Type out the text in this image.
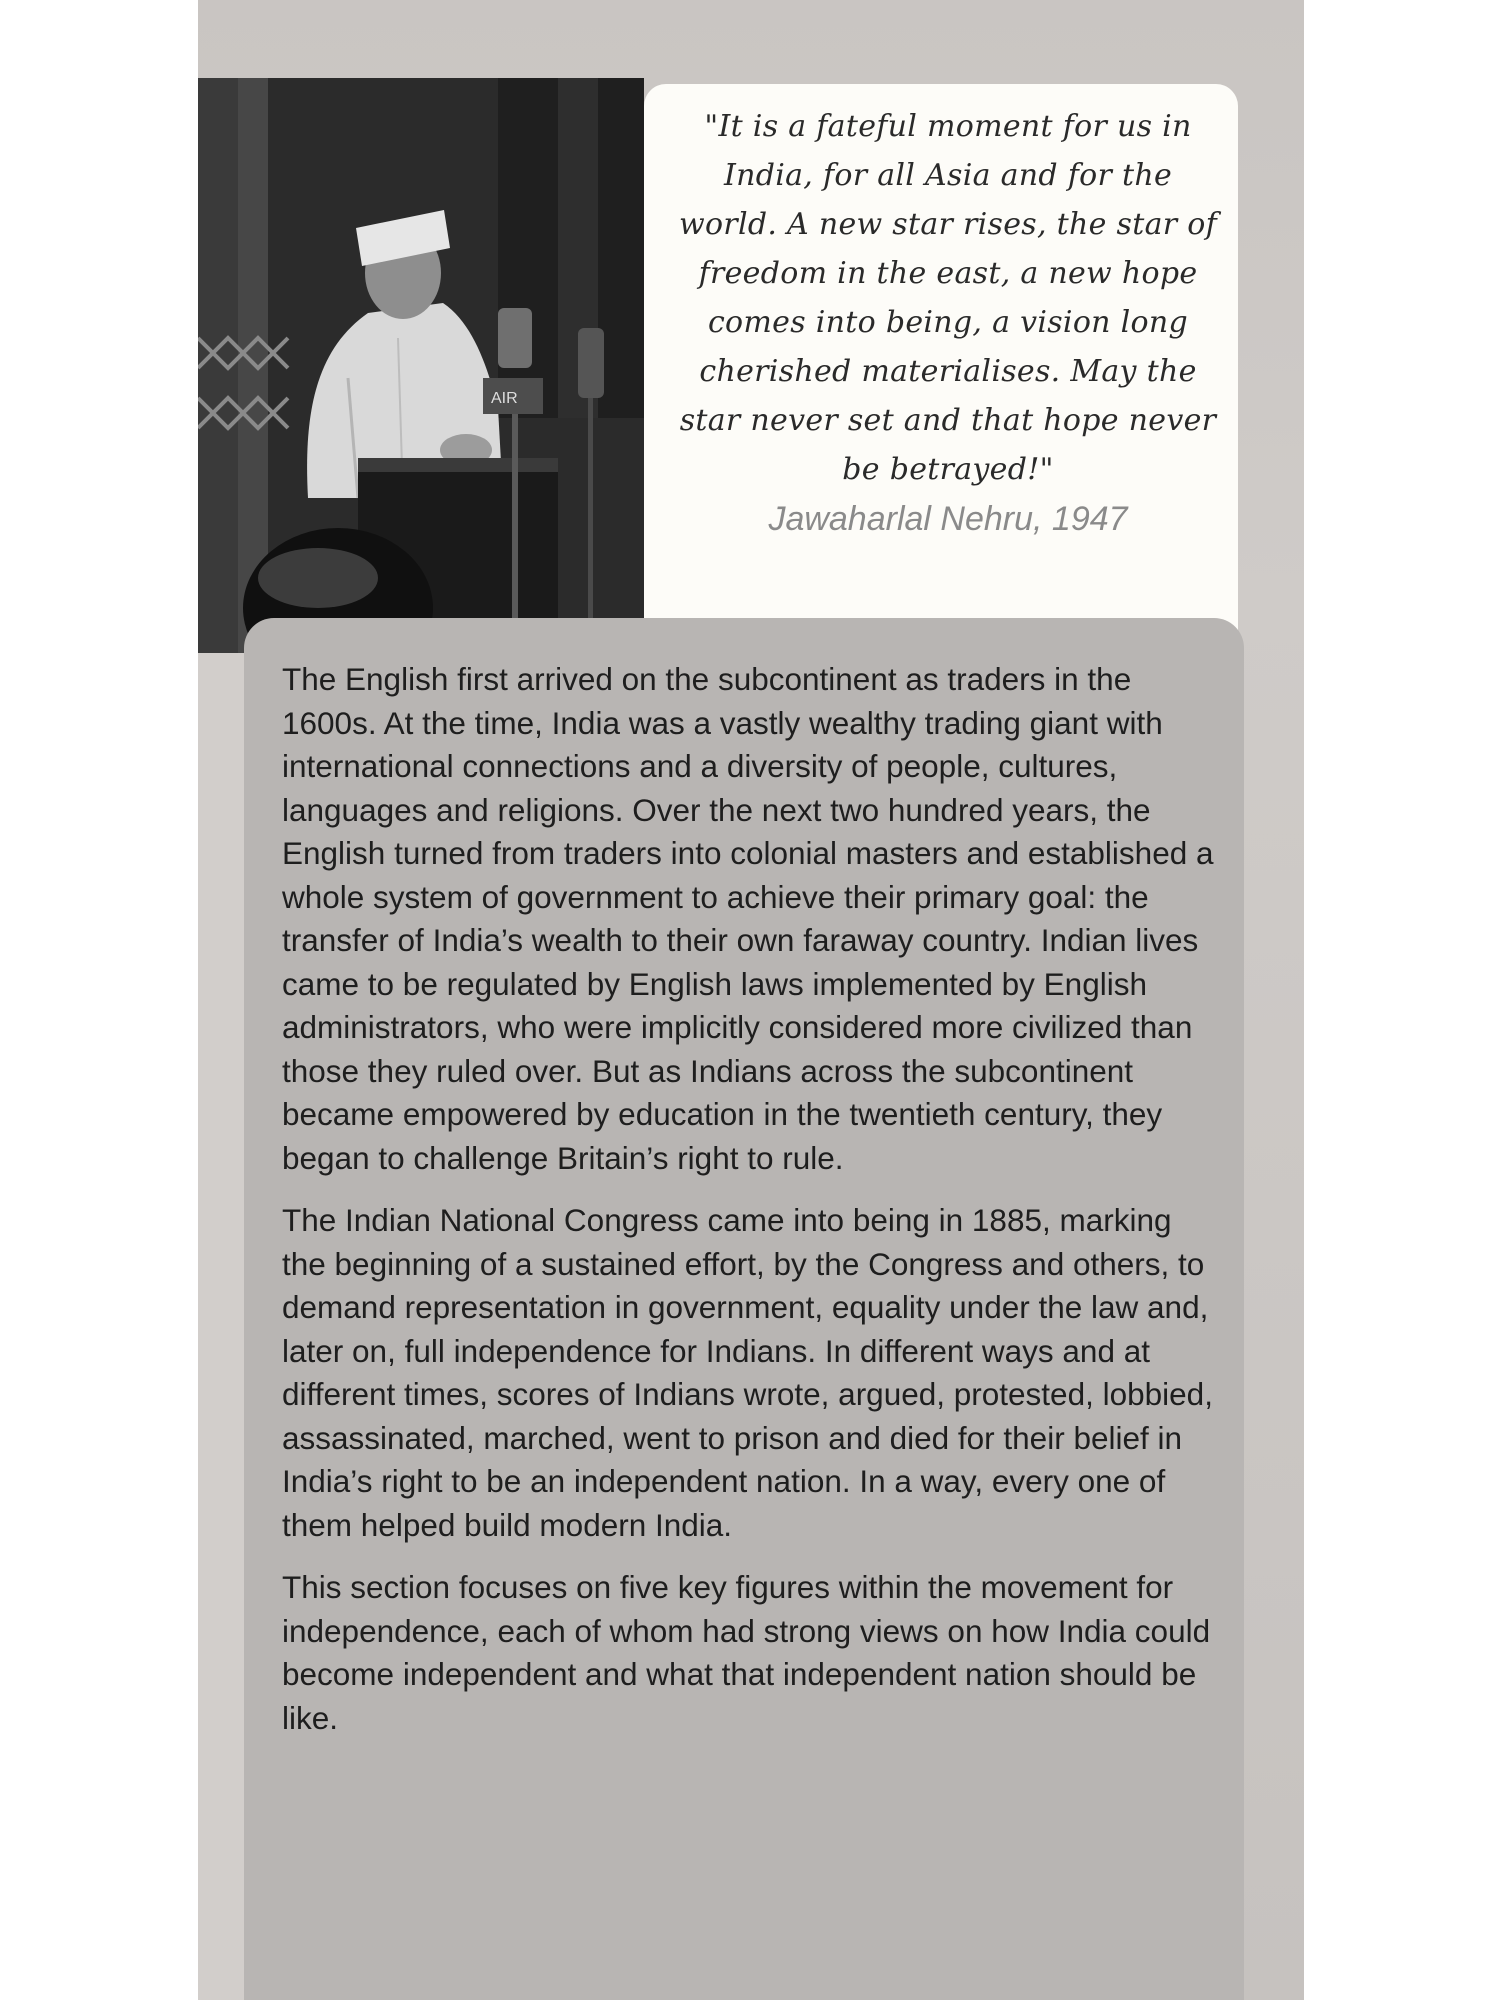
AIR
"It is a fateful moment for us in India, for all Asia and for the world. A new star rises, the star of freedom in the east, a new hope comes into being, a vision long cherished materialises. May the star never set and that hope never be betrayed!"
Jawaharlal Nehru, 1947

The English first arrived on the subcontinent as traders in the 1600s. At the time, India was a vastly wealthy trading giant with international connections and a diversity of people, cultures, languages and religions. Over the next two hundred years, the English turned from traders into colonial masters and established a whole system of government to achieve their primary goal: the transfer of India’s wealth to their own faraway country. Indian lives came to be regulated by English laws implemented by English administrators, who were implicitly considered more civilized than those they ruled over. But as Indians across the subcontinent became empowered by education in the twentieth century, they began to challenge Britain’s right to rule.

The Indian National Congress came into being in 1885, marking the beginning of a sustained effort, by the Congress and others, to demand representation in government, equality under the law and, later on, full independence for Indians. In different ways and at different times, scores of Indians wrote, argued, protested, lobbied, assassinated, marched, went to prison and died for their belief in India’s right to be an independent nation. In a way, every one of them helped build modern India.

This section focuses on five key figures within the movement for independence, each of whom had strong views on how India could become independent and what that independent nation should be like.
